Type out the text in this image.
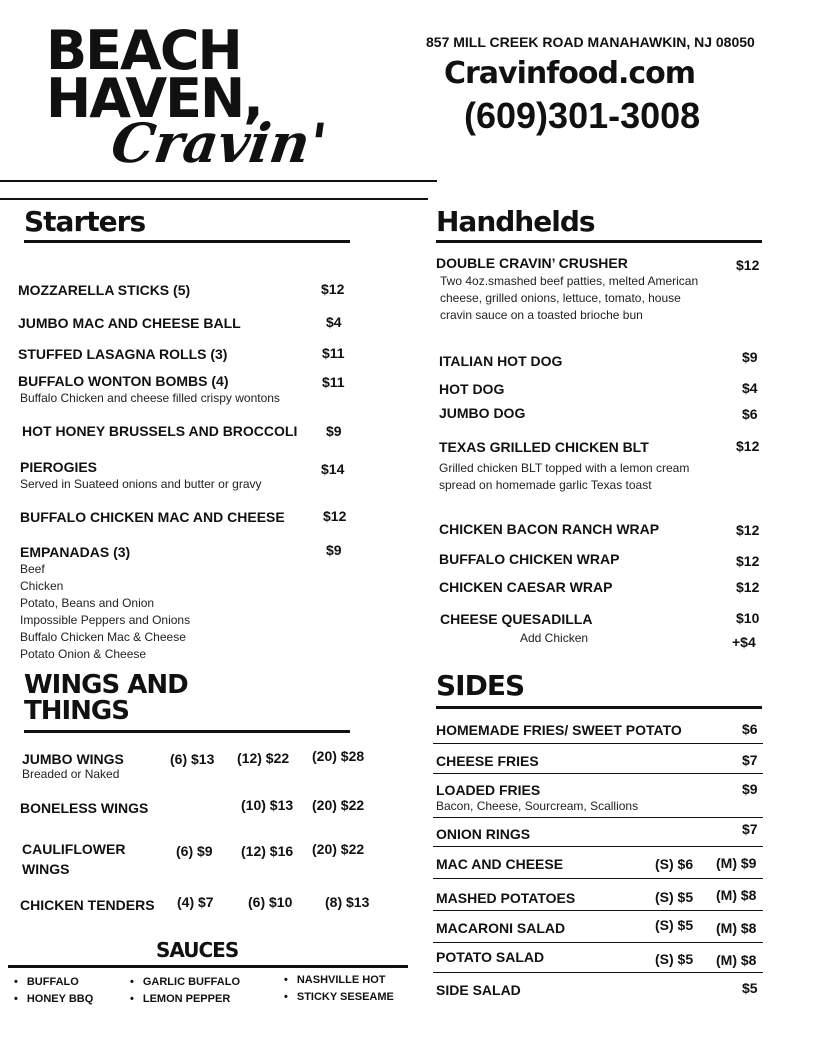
BEACH
HAVEN,
Cravin'
857 MILL CREEK ROAD MANAHAWKIN, NJ 08050
Cravinfood.com
(609)301-3008
Starters
MOZZARELLA STICKS (5)	$12
JUMBO MAC AND CHEESE BALL	$4
STUFFED LASAGNA ROLLS (3)	$11
BUFFALO WONTON BOMBS (4)	$11
Buffalo Chicken and cheese filled crispy wontons
HOT HONEY BRUSSELS AND BROCCOLI $9
PIEROGIES	$14
Served in Suateed onions and butter or gravy
BUFFALO CHICKEN MAC AND CHEESE	$12
EMPANADAS (3)	$9
Beef
Chicken
Potato, Beans and Onion
Impossible Peppers and Onions
Buffalo Chicken Mac & Cheese
Potato Onion & Cheese
WINGS AND
THINGS
JUMBO WINGS
Breaded or Naked
(6) $13 (12) $22 (20) $28
BONELESS WINGS	(10) $13 (20) $22
CAULIFLOWER
WINGS
(6) $9 (12) $16 (20) $22
CHICKEN TENDERS (4) $7 (6) $10 (8) $13
SAUCES
• BUFFALO
• HONEY BBQ
• GARLIC BUFFALO
• LEMON PEPPER
• NASHVILLE HOT
• STICKY SESEAME
Handhelds
DOUBLE CRAVIN’ CRUSHER	$12
Two 4oz.smashed beef patties, melted American cheese, grilled onions, lettuce, tomato, house cravin sauce on a toasted brioche bun
ITALIAN HOT DOG	$9
HOT DOG	$4
JUMBO DOG	$6
TEXAS GRILLED CHICKEN BLT	$12
Grilled chicken BLT topped with a lemon cream spread on homemade garlic Texas toast
CHICKEN BACON RANCH WRAP	$12
BUFFALO CHICKEN WRAP	$12
CHICKEN CAESAR WRAP	$12
CHEESE QUESADILLA	$10
Add Chicken	+$4
SIDES
HOMEMADE FRIES/ SWEET POTATO	$6
CHEESE FRIES	$7
LOADED FRIES	$9
Bacon, Cheese, Sourcream, Scallions
ONION RINGS	$7
MAC AND CHEESE	(S) $6 (M) $9
MASHED POTATOES	(S) $5 (M) $8
MACARONI SALAD	(S) $5 (M) $8
POTATO SALAD	(S) $5 (M) $8
SIDE SALAD	$5
